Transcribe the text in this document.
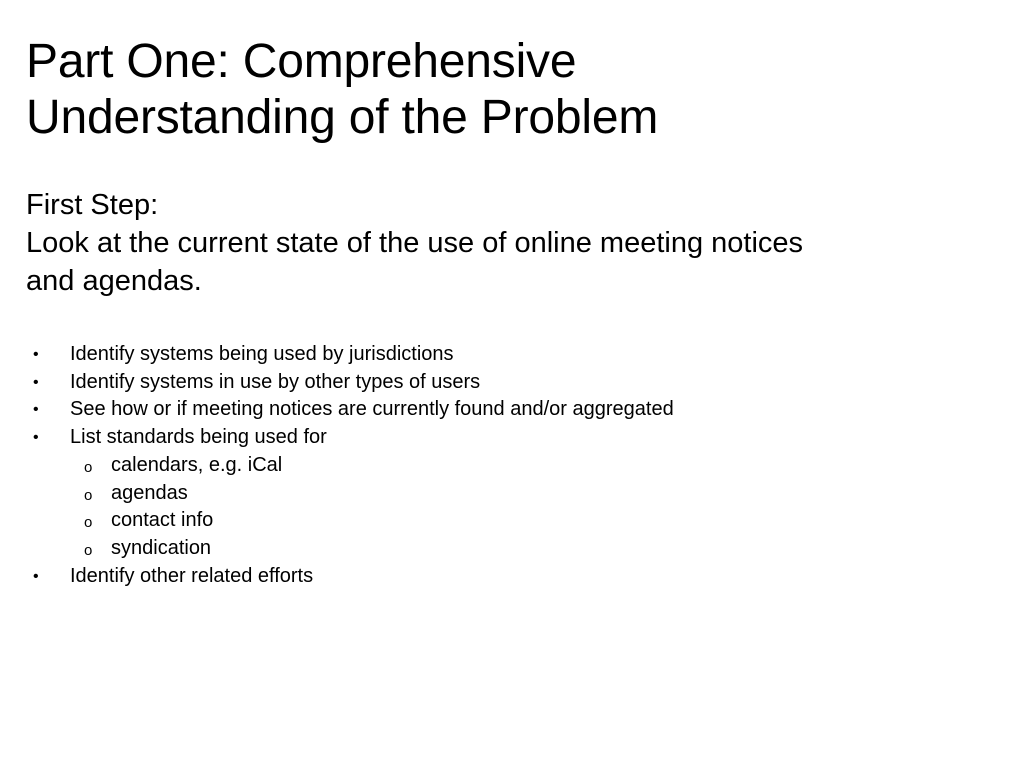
Part One: Comprehensive
Understanding of the Problem
First Step:
Look at the current state of the use of online meeting notices
and agendas.
• Identify systems being used by jurisdictions
• Identify systems in use by other types of users
• See how or if meeting notices are currently found and/or aggregated
• List standards being used for
o calendars, e.g. iCal
o agendas
o contact info
o syndication
• Identify other related efforts
